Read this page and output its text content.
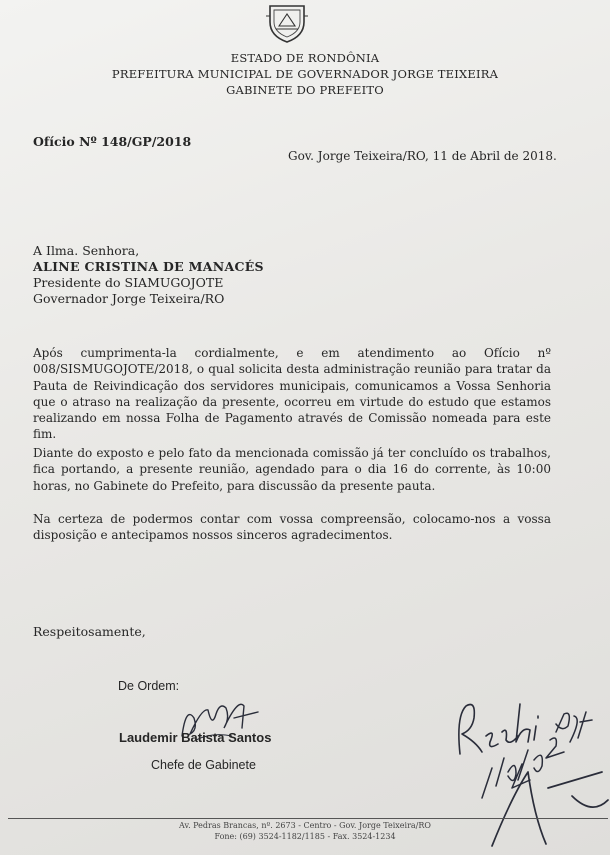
ESTADO DE RONDÔNIA
PREFEITURA MUNICIPAL DE GOVERNADOR JORGE TEIXEIRA
GABINETE DO PREFEITO
Ofício Nº 148/GP/2018
Gov. Jorge Teixeira/RO, 11 de Abril de 2018.
A Ilma. Senhora,
ALINE CRISTINA DE MANACÉS
Presidente do SIAMUGOJOTE
Governador Jorge Teixeira/RO
Após cumprimenta-la cordialmente, e em atendimento ao Ofício nº 008/SISMUGOJOTE/2018, o qual solicita desta administração reunião para tratar da Pauta de Reivindicação dos servidores municipais, comunicamos a Vossa Senhoria que o atraso na realização da presente, ocorreu em virtude do estudo que estamos realizando em nossa Folha de Pagamento através de Comissão nomeada para este fim.
Diante do exposto e pelo fato da mencionada comissão já ter concluído os trabalhos, fica portando, a presente reunião, agendado para o dia 16 do corrente, às 10:00 horas, no Gabinete do Prefeito, para discussão da presente pauta.
Na certeza de podermos contar com vossa compreensão, colocamo-nos a vossa disposição e antecipamos nossos sinceros agradecimentos.
Respeitosamente,
De Ordem:
Laudemir Batista Santos
Chefe de Gabinete
Av. Pedras Brancas, nº. 2673 - Centro - Gov. Jorge Teixeira/RO
Fone: (69) 3524-1182/1185 - Fax. 3524-1234
